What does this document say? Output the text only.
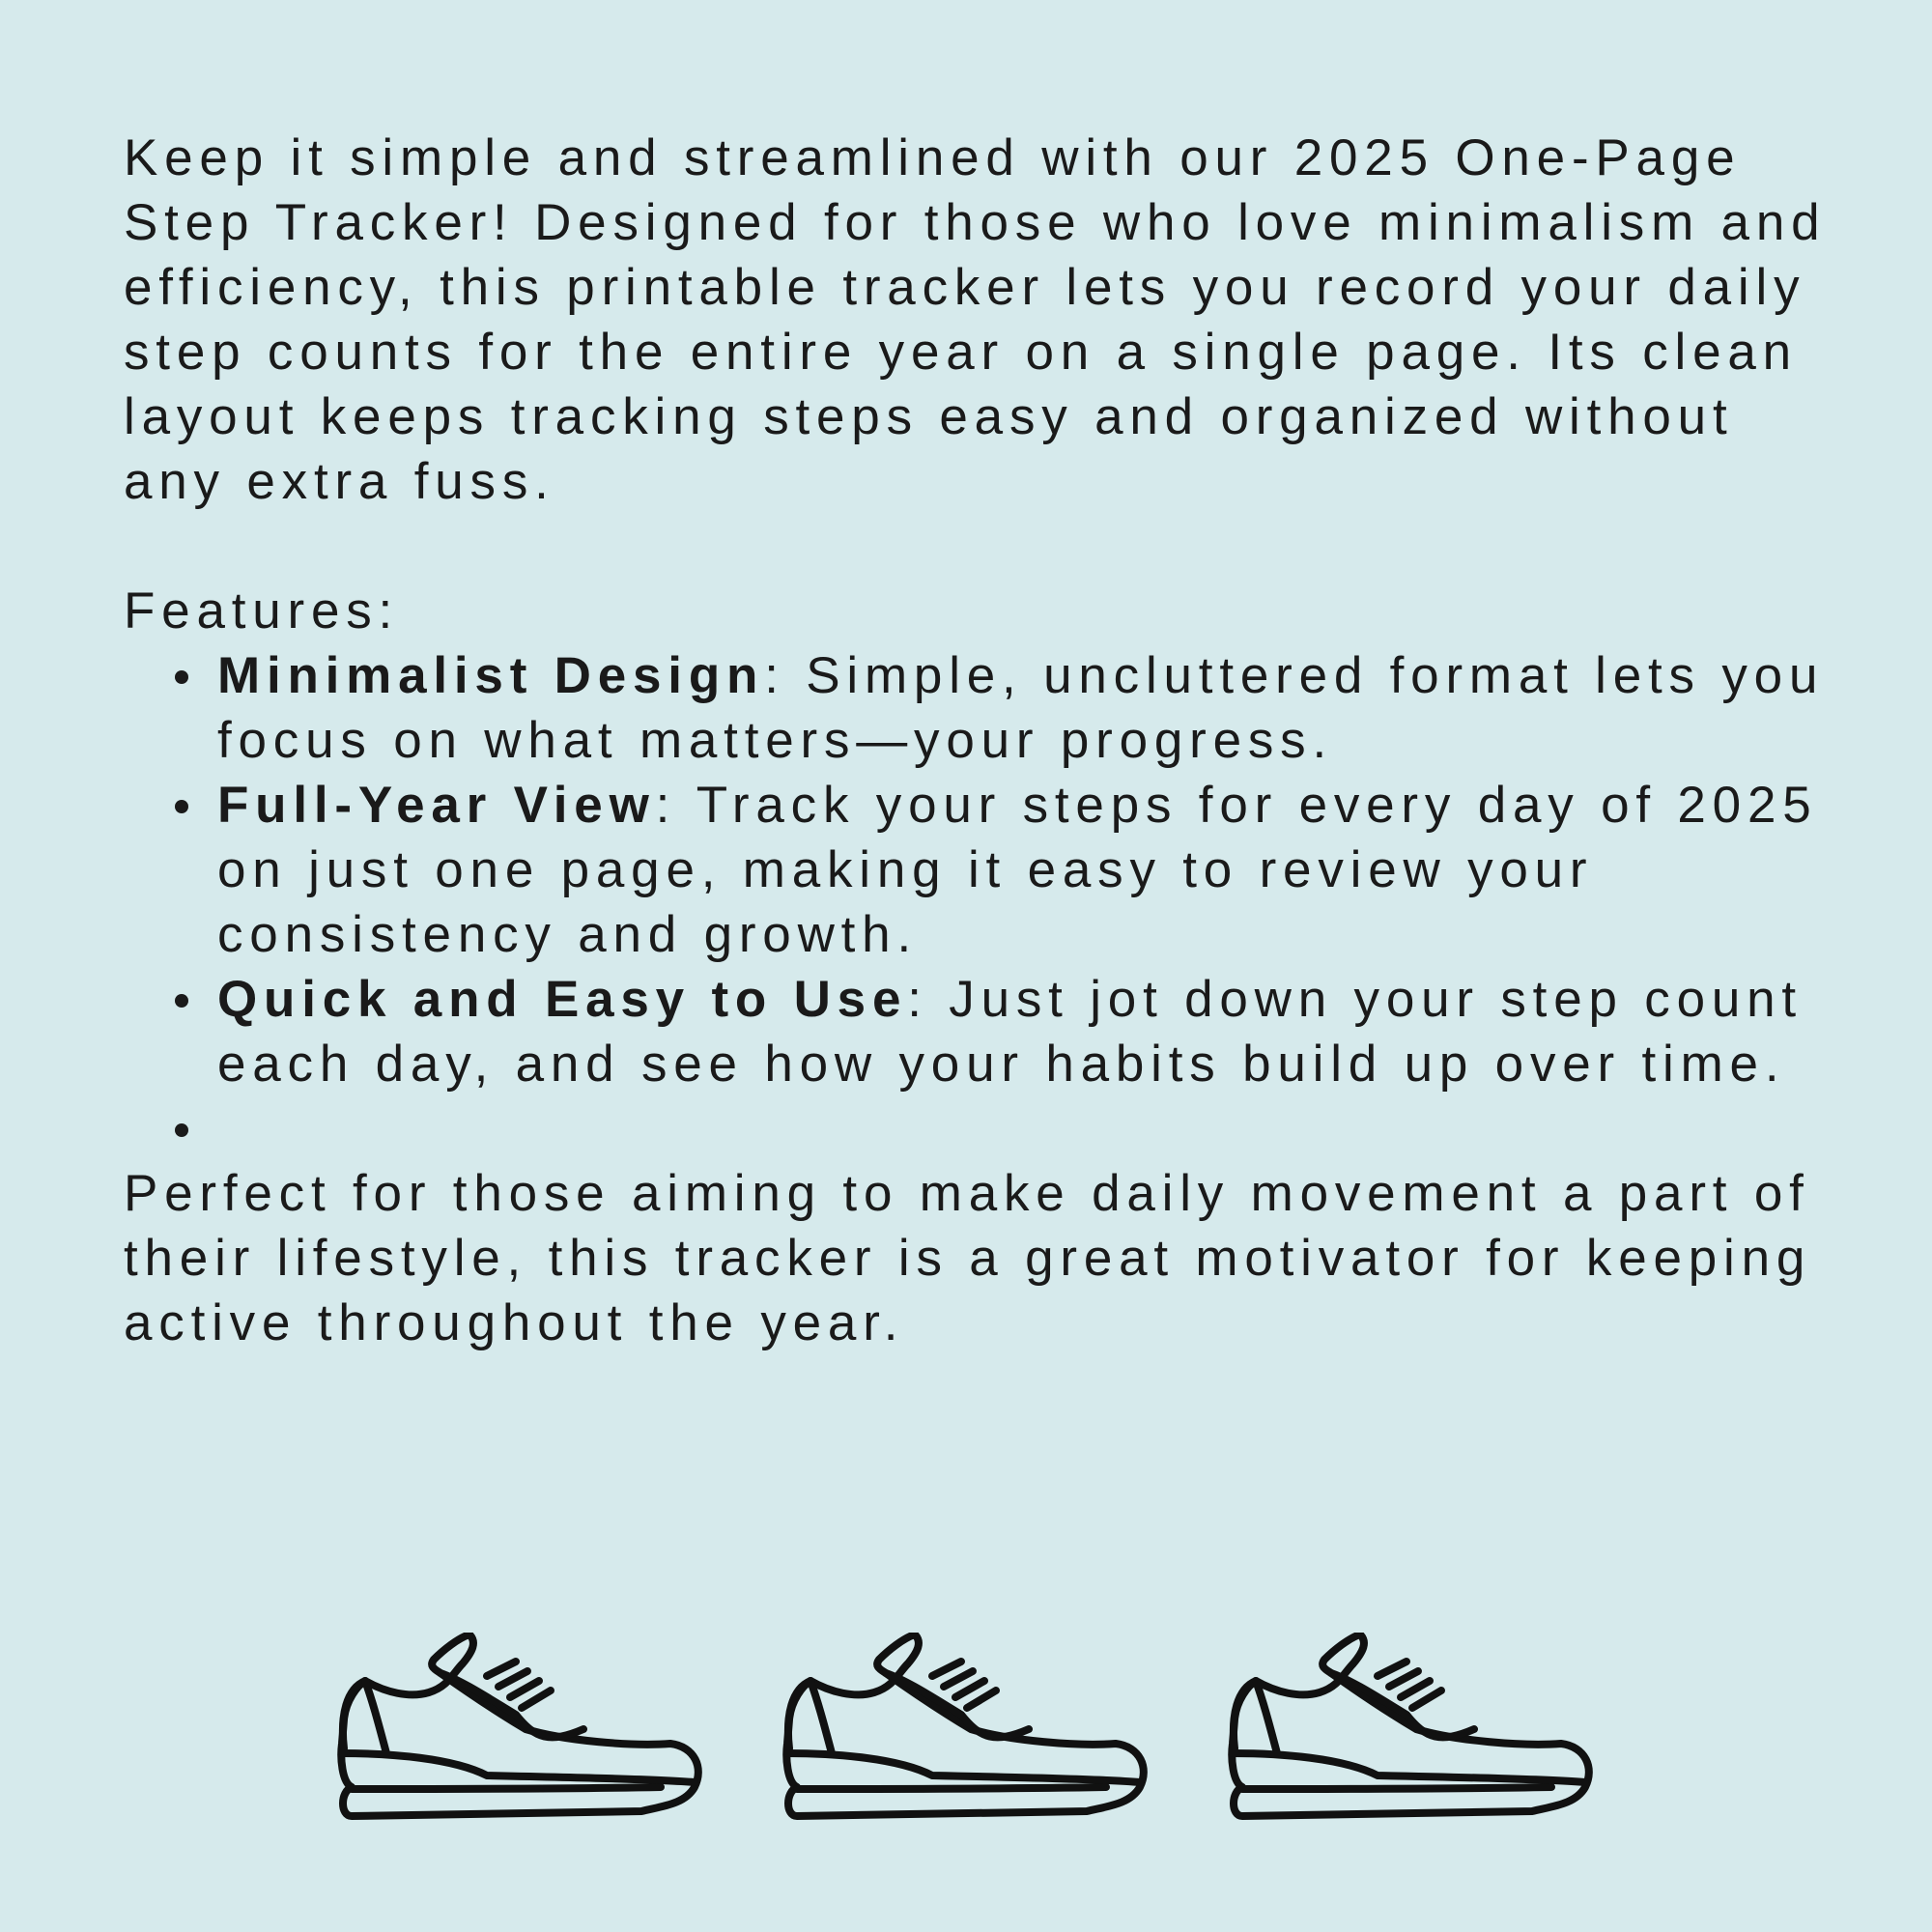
Keep it simple and streamlined with our 2025 One-Page Step Tracker! Designed for those who love minimalism and efficiency, this printable tracker lets you record your daily step counts for the entire year on a single page. Its clean layout keeps tracking steps easy and organized without any extra fuss.

Features:

Minimalist Design: Simple, uncluttered format lets you focus on what matters—your progress.
Full-Year View: Track your steps for every day of 2025 on just one page, making it easy to review your consistency and growth.
Quick and Easy to Use: Just jot down your step count each day, and see how your habits build up over time.

Perfect for those aiming to make daily movement a part of their lifestyle, this tracker is a great motivator for keeping active throughout the year.
